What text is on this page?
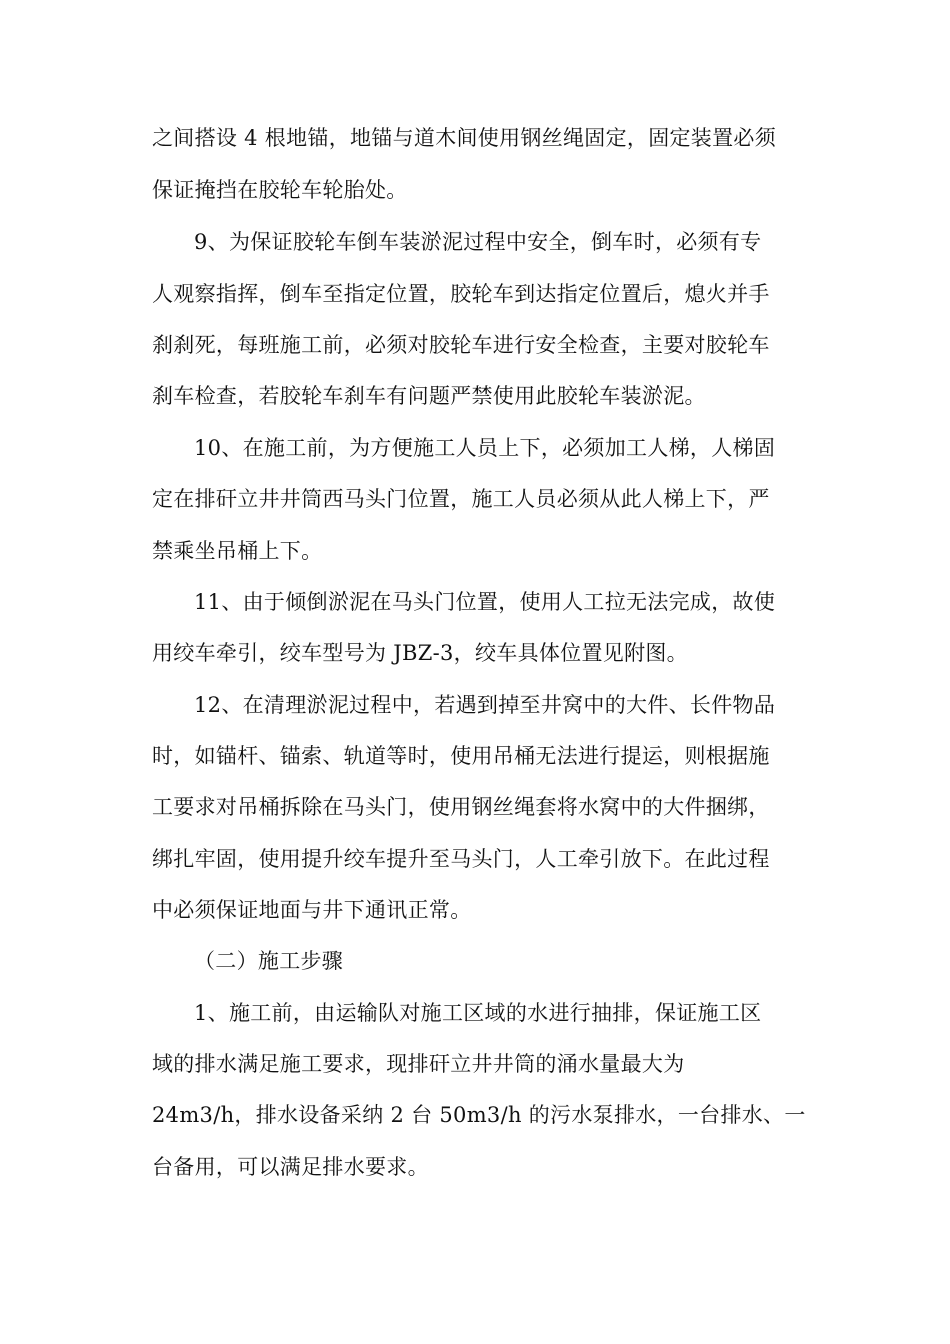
之间搭设 4 根地锚，地锚与道木间使用钢丝绳固定，固定装置必须
保证掩挡在胶轮车轮胎处。
9、为保证胶轮车倒车装淤泥过程中安全，倒车时，必须有专
人观察指挥，倒车至指定位置，胶轮车到达指定位置后，熄火并手
刹刹死，每班施工前，必须对胶轮车进行安全检查，主要对胶轮车
刹车检查，若胶轮车刹车有问题严禁使用此胶轮车装淤泥。
10、在施工前，为方便施工人员上下，必须加工人梯，人梯固
定在排矸立井井筒西马头门位置，施工人员必须从此人梯上下，严
禁乘坐吊桶上下。
11、由于倾倒淤泥在马头门位置，使用人工拉无法完成，故使
用绞车牵引，绞车型号为 JBZ-3，绞车具体位置见附图。
12、在清理淤泥过程中，若遇到掉至井窝中的大件、长件物品
时，如锚杆、锚索、轨道等时，使用吊桶无法进行提运，则根据施
工要求对吊桶拆除在马头门，使用钢丝绳套将水窝中的大件捆绑，
绑扎牢固，使用提升绞车提升至马头门，人工牵引放下。在此过程
中必须保证地面与井下通讯正常。
（二）施工步骤
1、施工前，由运输队对施工区域的水进行抽排，保证施工区
域的排水满足施工要求，现排矸立井井筒的涌水量最大为
24m3/h，排水设备采纳 2 台 50m3/h 的污水泵排水，一台排水、一
台备用，可以满足排水要求。
